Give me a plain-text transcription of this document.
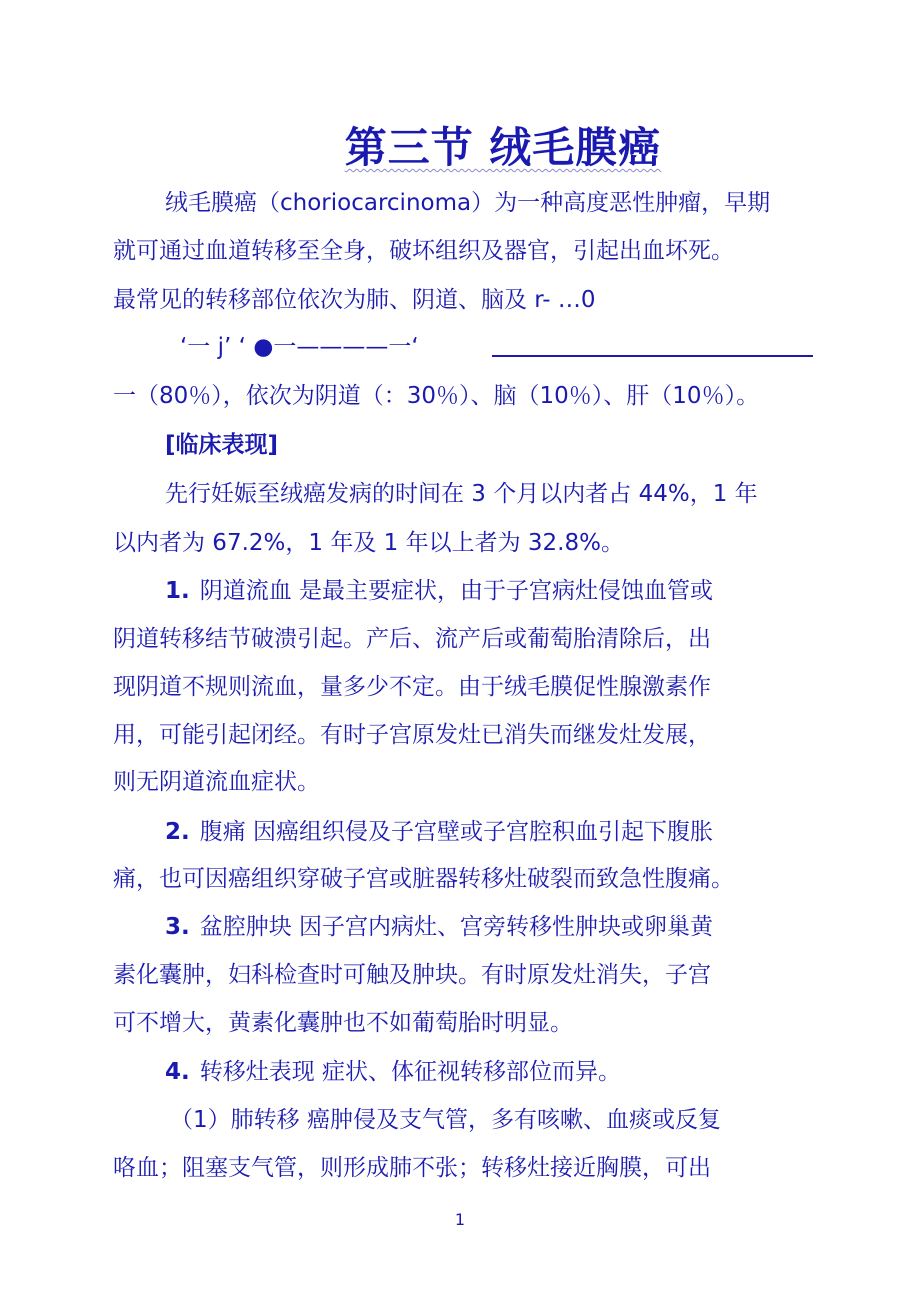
第三节 绒毛膜癌
绒毛膜癌（choriocarcinoma）为一种高度恶性肿瘤，早期
就可通过血道转移至全身，破坏组织及器官，引起出血坏死。
最常见的转移部位依次为肺、阴道、脑及 r- …0
‘一 j’ ‘ ●一————一‘
一（80％），依次为阴道（：30％）、脑（10％）、肝（10％）。
[临床表现]
先行妊娠至绒癌发病的时间在 3 个月以内者占 44%，1 年
以内者为 67.2%，1 年及 1 年以上者为 32.8%。
1. 阴道流血 是最主要症状，由于子宫病灶侵蚀血管或
阴道转移结节破溃引起。产后、流产后或葡萄胎清除后，出
现阴道不规则流血，量多少不定。由于绒毛膜促性腺激素作
用，可能引起闭经。有时子宫原发灶已消失而继发灶发展，
则无阴道流血症状。
2. 腹痛 因癌组织侵及子宫壁或子宫腔积血引起下腹胀
痛，也可因癌组织穿破子宫或脏器转移灶破裂而致急性腹痛。
3. 盆腔肿块 因子宫内病灶、宫旁转移性肿块或卵巢黄
素化囊肿，妇科检查时可触及肿块。有时原发灶消失，子宫
可不增大，黄素化囊肿也不如葡萄胎时明显。
4. 转移灶表现 症状、体征视转移部位而异。
（1）肺转移 癌肿侵及支气管，多有咳嗽、血痰或反复
咯血；阻塞支气管，则形成肺不张；转移灶接近胸膜，可出
1
